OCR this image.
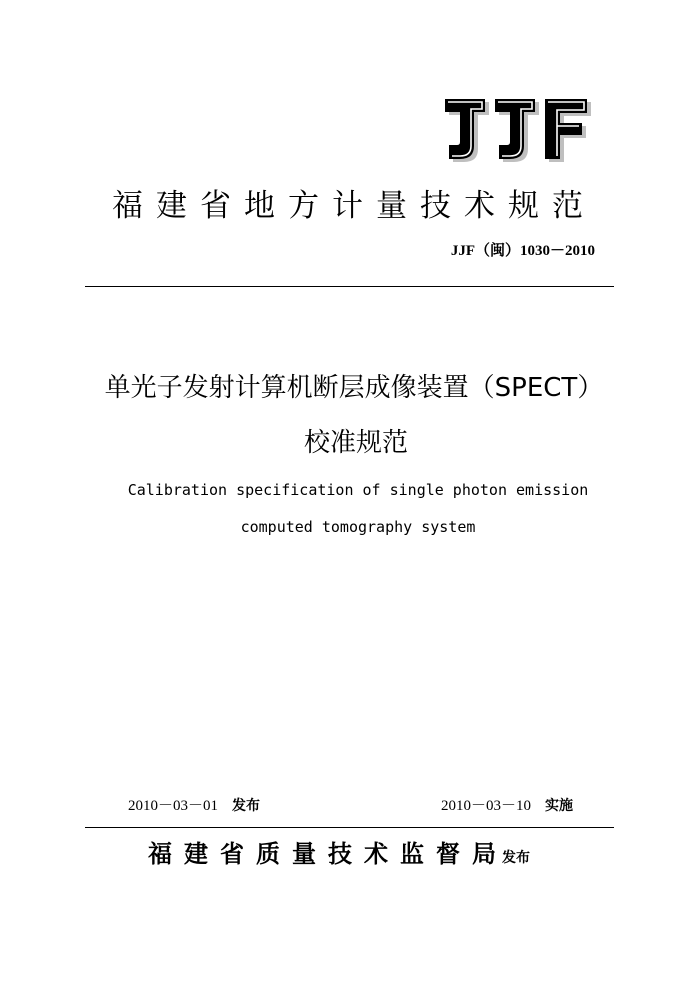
福建省地方计量技术规范
JJF（闽）1030－2010
单光子发射计算机断层成像装置（SPECT）
校准规范
Calibration specification of single photon emission
computed tomography system
2010－03－01 发布	2010－03－10 实施
福建省质量技术监督局发布
